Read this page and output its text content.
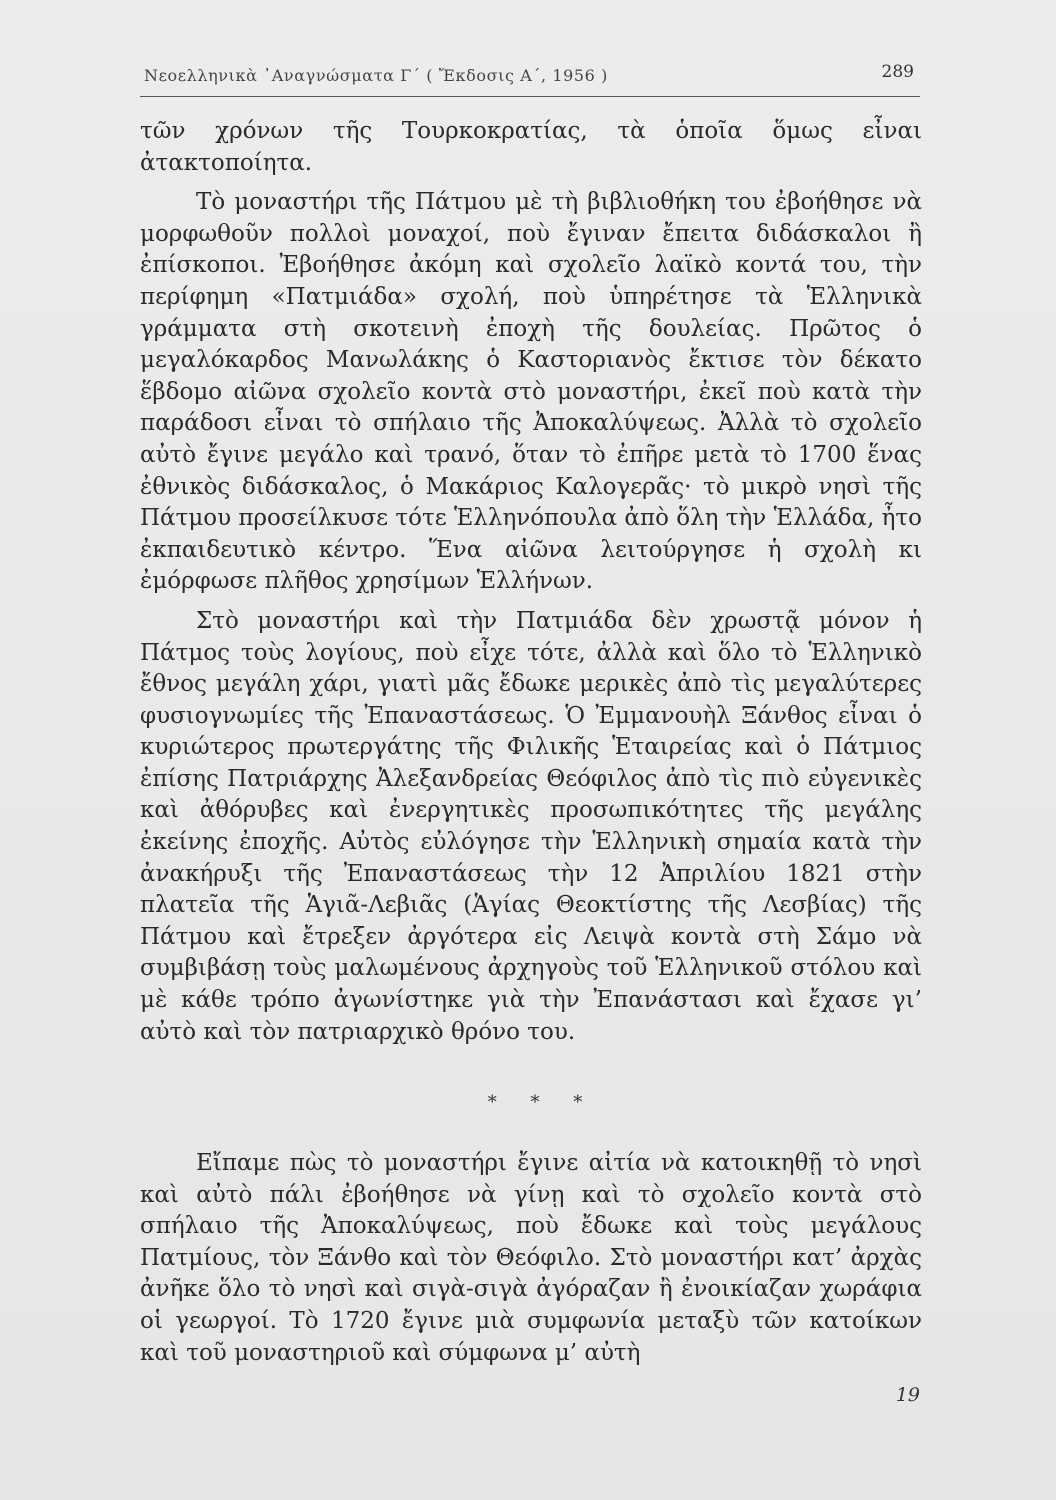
Νεοελληνικὰ ᾿Αναγνώσματα Γ΄ ( Ἔκδοσις Α΄, 1956 )	289

τῶν χρόνων τῆς Τουρκοκρατίας, τὰ ὁποῖα ὅμως εἶναι ἀτακτοποίητα.

Τὸ μοναστήρι τῆς Πάτμου μὲ τὴ βιβλιοθήκη του ἐβοήθησε νὰ μορφωθοῦν πολλοὶ μοναχοί, ποὺ ἔγιναν ἔπειτα διδάσκαλοι ἢ ἐπίσκοποι. Ἐβοήθησε ἀκόμη καὶ σχολεῖο λαϊκὸ κοντά του, τὴν περίφημη «Πατμιάδα» σχολή, ποὺ ὑπηρέτησε τὰ Ἑλληνικὰ γράμματα στὴ σκοτεινὴ ἐποχὴ τῆς δουλείας. Πρῶτος ὁ μεγαλόκαρδος Μανωλάκης ὁ Καστοριανὸς ἔκτισε τὸν δέκατο ἕβδομο αἰῶνα σχολεῖο κοντὰ στὸ μοναστήρι, ἐκεῖ ποὺ κατὰ τὴν παράδοσι εἶναι τὸ σπήλαιο τῆς Ἀποκαλύψεως. Ἀλλὰ τὸ σχολεῖο αὐτὸ ἔγινε μεγάλο καὶ τρανό, ὅταν τὸ ἐπῆρε μετὰ τὸ 1700 ἕνας ἐθνικὸς διδάσκαλος, ὁ Μακάριος Καλογερᾶς· τὸ μικρὸ νησὶ τῆς Πάτμου προσείλκυσε τότε Ἑλληνόπουλα ἀπὸ ὅλη τὴν Ἑλλάδα, ἦτο ἐκπαιδευτικὸ κέντρο. Ἕνα αἰῶνα λειτούργησε ἡ σχολὴ κι ἐμόρφωσε πλῆθος χρησίμων Ἑλλήνων.

Στὸ μοναστήρι καὶ τὴν Πατμιάδα δὲν χρωστᾷ μόνον ἡ Πάτμος τοὺς λογίους, ποὺ εἶχε τότε, ἀλλὰ καὶ ὅλο τὸ Ἑλληνικὸ ἔθνος μεγάλη χάρι, γιατὶ μᾶς ἔδωκε μερικὲς ἀπὸ τὶς μεγαλύτερες φυσιογνωμίες τῆς Ἐπαναστάσεως. Ὁ Ἐμμανουὴλ Ξάνθος εἶναι ὁ κυριώτερος πρωτεργάτης τῆς Φιλικῆς Ἑταιρείας καὶ ὁ Πάτμιος ἐπίσης Πατριάρχης Ἀλεξανδρείας Θεόφιλος ἀπὸ τὶς πιὸ εὐγενικὲς καὶ ἀθόρυβες καὶ ἐνεργητικὲς προσωπικότητες τῆς μεγάλης ἐκείνης ἐποχῆς. Αὐτὸς εὐλόγησε τὴν Ἑλληνικὴ σημαία κατὰ τὴν ἀνακήρυξι τῆς Ἐπαναστάσεως τὴν 12 Ἀπριλίου 1821 στὴν πλατεῖα τῆς Ἁγιᾶ-Λεβιᾶς (Ἁγίας Θεοκτίστης τῆς Λεσβίας) τῆς Πάτμου καὶ ἔτρεξεν ἀργότερα εἰς Λειψὰ κοντὰ στὴ Σάμο νὰ συμβιβάσῃ τοὺς μαλωμένους ἀρχηγοὺς τοῦ Ἑλληνικοῦ στόλου καὶ μὲ κάθε τρόπο ἀγωνίστηκε γιὰ τὴν Ἐπανάστασι καὶ ἔχασε γι’ αὐτὸ καὶ τὸν πατριαρχικὸ θρόνο του.

* * *

Εἴπαμε πὼς τὸ μοναστήρι ἔγινε αἰτία νὰ κατοικηθῇ τὸ νησὶ καὶ αὐτὸ πάλι ἐβοήθησε νὰ γίνῃ καὶ τὸ σχολεῖο κοντὰ στὸ σπήλαιο τῆς Ἀποκαλύψεως, ποὺ ἔδωκε καὶ τοὺς μεγάλους Πατμίους, τὸν Ξάνθο καὶ τὸν Θεόφιλο. Στὸ μοναστήρι κατ’ ἀρχὰς ἀνῆκε ὅλο τὸ νησὶ καὶ σιγὰ-σιγὰ ἀγόραζαν ἢ ἐνοικίαζαν χωράφια οἱ γεωργοί. Τὸ 1720 ἔγινε μιὰ συμφωνία μεταξὺ τῶν κατοίκων καὶ τοῦ μοναστηριοῦ καὶ σύμφωνα μ’ αὐτὴ

19
